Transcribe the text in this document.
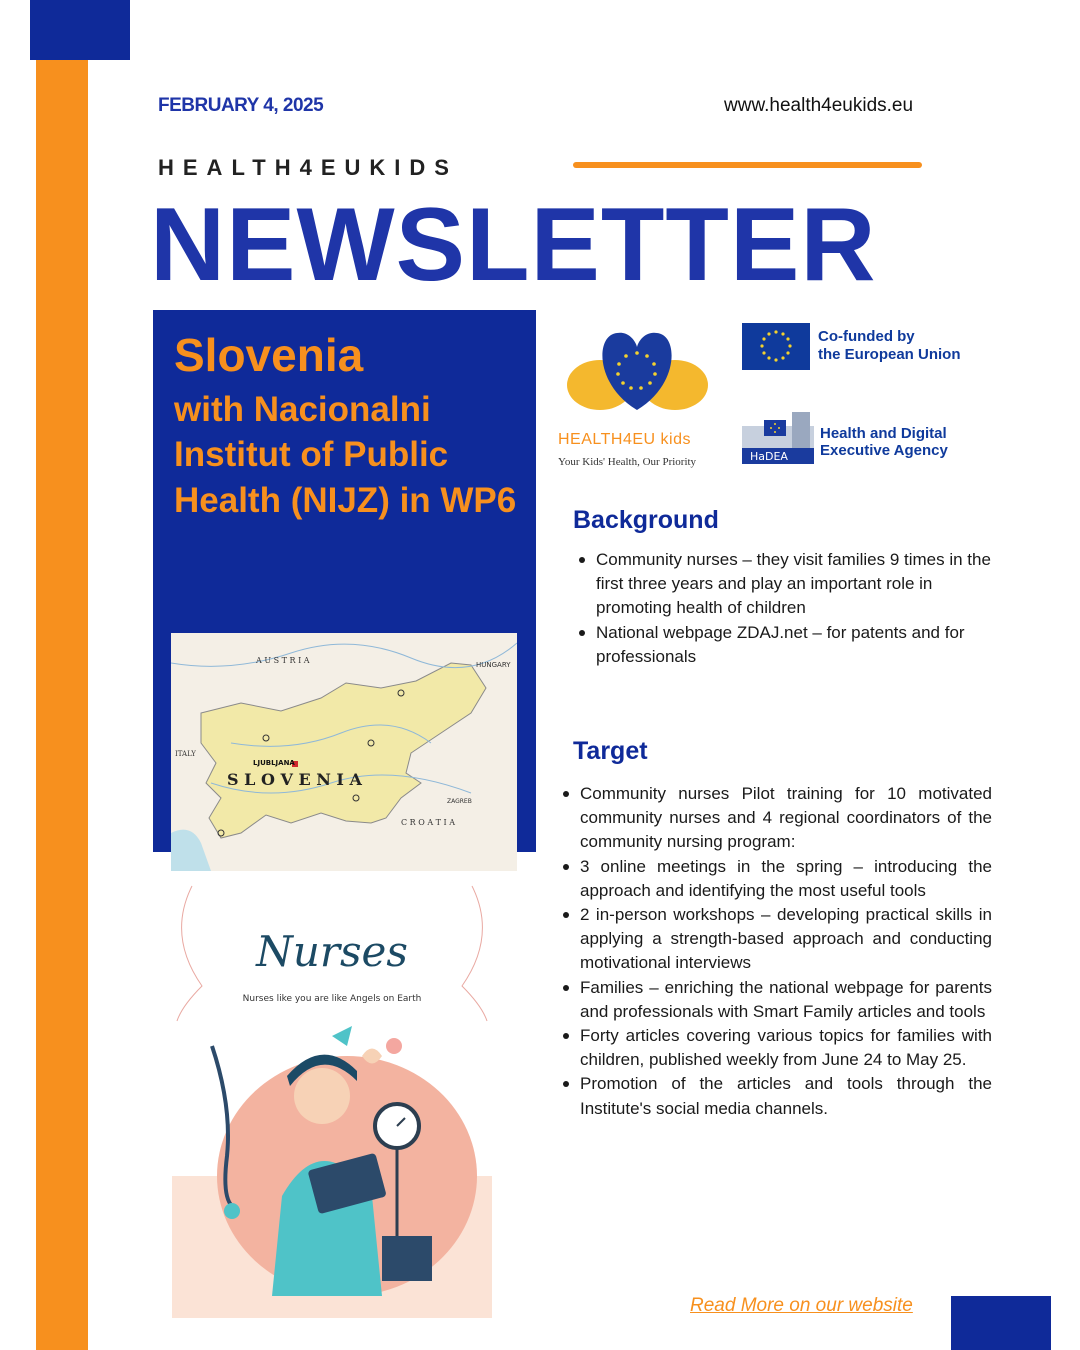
FEBRUARY 4, 2025	www.health4eukids.eu
HEALTH4EUKIDS
NEWSLETTER
Slovenia
with Nacionalni Institut of Public Health (NIJZ) in WP6
A U S T R I A	HUNGARY
ITALY
LJUBLJANA
S L O V E N I A
C R O A T I A
ZAGREB
Nurses
Nurses like you are like Angels on Earth
HEALTH4EU kids
Your Kids' Health, Our Priority
Co-funded by
the European Union
HaDEA
Health and Digital
Executive Agency
Background
Community nurses – they visit families 9 times in the first three years and play an important role in promoting health of children
National webpage ZDAJ.net – for patents and for professionals
Target
Community nurses Pilot training for 10 motivated community nurses and 4 regional coordinators of the community nursing program:
3 online meetings in the spring – introducing the approach and identifying the most useful tools
2 in-person workshops – developing practical skills in applying a strength-based approach and conducting motivational interviews
Families – enriching the national webpage for parents and professionals with Smart Family articles and tools
Forty articles covering various topics for families with children, published weekly from June 24 to May 25.
Promotion of the articles and tools through the Institute's social media channels.
Read More on our website
